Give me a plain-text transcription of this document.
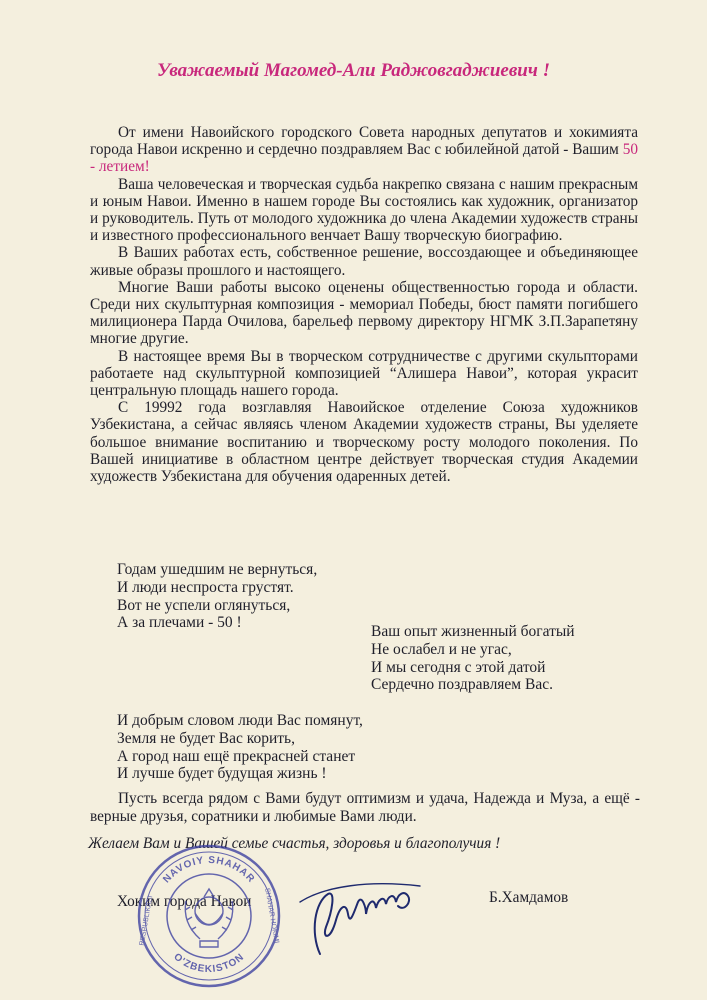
Уважаемый Магомед-Али Раджовгаджиевич !

От имени Навоийского городского Совета народных депутатов и хокимията города Навои искренно и сердечно поздравляем Вас с юбилейной датой - Вашим 50 - летием!

Ваша человеческая и творческая судьба накрепко связана с нашим прекрасным и юным Навои. Именно в нашем городе Вы состоялись как художник, организатор и руководитель. Путь от молодого художника до члена Академии художеств страны и известного профессионального венчает Вашу творческую биографию.

В Ваших работах есть, собственное решение, воссоздающее и объединяющее живые образы прошлого и настоящего.

Многие Ваши работы высоко оценены общественностью города и области. Среди них скульптурная композиция - мемориал Победы, бюст памяти погибшего милиционера Парда Очилова, барельеф первому директору НГМК З.П.Зарапетяну многие другие.

В настоящее время Вы в творческом сотрудничестве с другими скульпторами работаете над скульптурной композицией “Алишера Навои”, которая украсит центральную площадь нашего города.

С 19992 года возглавляя Навоийское отделение Союза художников Узбекистана, а сейчас являясь членом Академии художеств страны, Вы уделяете большое внимание воспитанию и творческому росту молодого поколения. По Вашей инициативе в областном центре действует творческая студия Академии художеств Узбекистана для обучения одаренных детей.

Годам ушедшим не вернуться,
И люди неспроста грустят.
Вот не успели оглянуться,
А за плечами - 50 !
Ваш опыт жизненный богатый
Не ослабел и не угас,
И мы сегодня с этой датой
Сердечно поздравляем Вас.
И добрым словом люди Вас помянут,
Земля не будет Вас корить,
А город наш ещё прекрасней станет
И лучше будет будущая жизнь !

Пусть всегда рядом с Вами будут оптимизм и удача, Надежда и Муза, а ещё - верные друзья, соратники и любимые Вами люди.

Желаем Вам и Вашей семье счастья, здоровья и благополучия !
Хоким города Навои	Б.Хамдамов
NAVOIY SHAHAR
O'ZBEKISTON
RESPUBLIKASI	SHAHAR HOKIMI
